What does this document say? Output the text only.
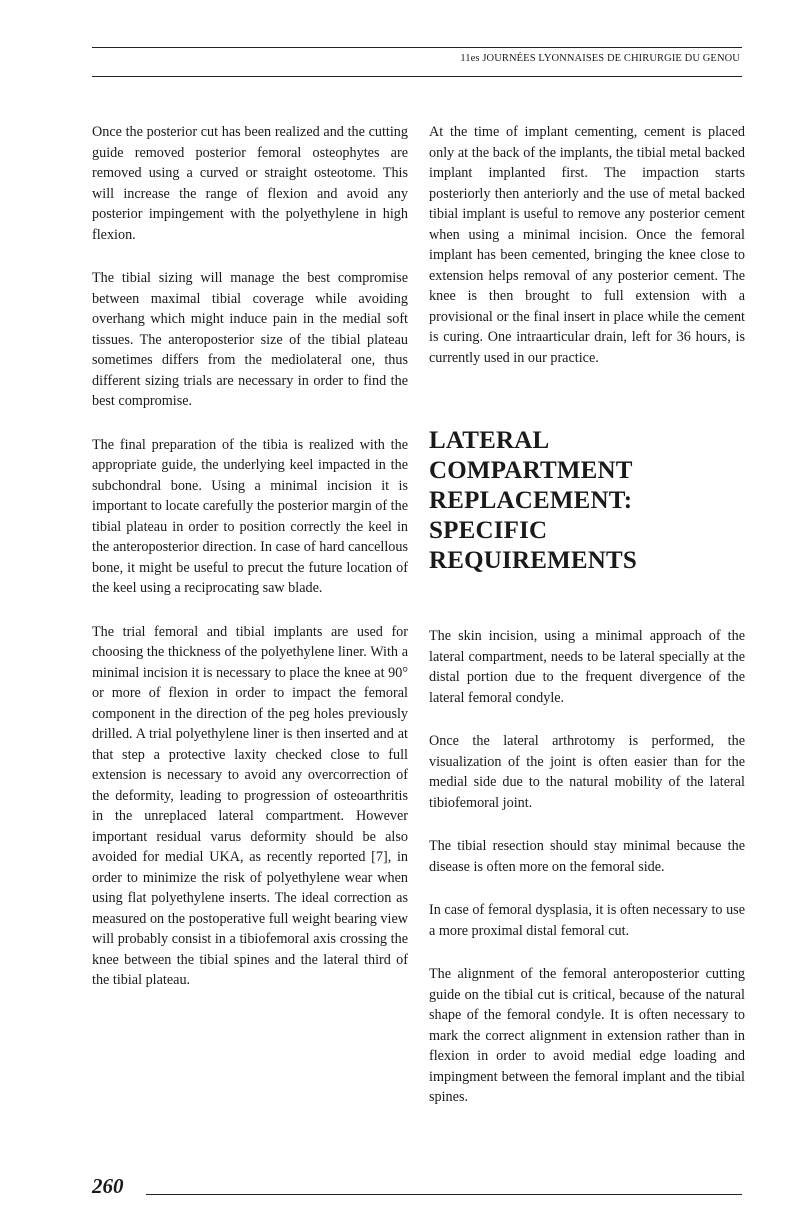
11es JOURNÉES LYONNAISES DE CHIRURGIE DU GENOU

Once the posterior cut has been realized and the cutting guide removed posterior femoral osteophytes are removed using a curved or straight osteotome. This will increase the range of flexion and avoid any posterior impingement with the polyethylene in high flexion.

The tibial sizing will manage the best compromise between maximal tibial coverage while avoiding overhang which might induce pain in the medial soft tissues. The anteroposterior size of the tibial plateau sometimes differs from the mediolateral one, thus different sizing trials are necessary in order to find the best compromise.

The final preparation of the tibia is realized with the appropriate guide, the underlying keel impacted in the subchondral bone. Using a minimal incision it is important to locate carefully the posterior margin of the tibial plateau in order to position correctly the keel in the anteroposterior direction. In case of hard cancellous bone, it might be useful to precut the future location of the keel using a reciprocating saw blade.

The trial femoral and tibial implants are used for choosing the thickness of the polyethylene liner. With a minimal incision it is necessary to place the knee at 90° or more of flexion in order to impact the femoral component in the direction of the peg holes previously drilled. A trial polyethylene liner is then inserted and at that step a protective laxity checked close to full extension is necessary to avoid any overcorrection of the deformity, leading to progression of osteoarthritis in the unreplaced lateral compartment. However important residual varus deformity should be also avoided for medial UKA, as recently reported [7], in order to minimize the risk of polyethylene wear when using flat polyethylene inserts. The ideal correction as measured on the postoperative full weight bearing view will probably consist in a tibiofemoral axis crossing the knee between the tibial spines and the lateral third of the tibial plateau.

At the time of implant cementing, cement is placed only at the back of the implants, the tibial metal backed implant implanted first. The impaction starts posteriorly then anteriorly and the use of metal backed tibial implant is useful to remove any posterior cement when using a minimal incision. Once the femoral implant has been cemented, bringing the knee close to extension helps removal of any posterior cement. The knee is then brought to full extension with a provisional or the final insert in place while the cement is curing. One intraarticular drain, left for 36 hours, is currently used in our practice.

LATERAL COMPARTMENT REPLACEMENT: SPECIFIC REQUIREMENTS

The skin incision, using a minimal approach of the lateral compartment, needs to be lateral specially at the distal portion due to the frequent divergence of the lateral femoral condyle.

Once the lateral arthrotomy is performed, the visualization of the joint is often easier than for the medial side due to the natural mobility of the lateral tibiofemoral joint.

The tibial resection should stay minimal because the disease is often more on the femoral side.

In case of femoral dysplasia, it is often necessary to use a more proximal distal femoral cut.

The alignment of the femoral anteroposterior cutting guide on the tibial cut is critical, because of the natural shape of the femoral condyle. It is often necessary to mark the correct alignment in extension rather than in flexion in order to avoid medial edge loading and impingment between the femoral implant and the tibial spines.

260
